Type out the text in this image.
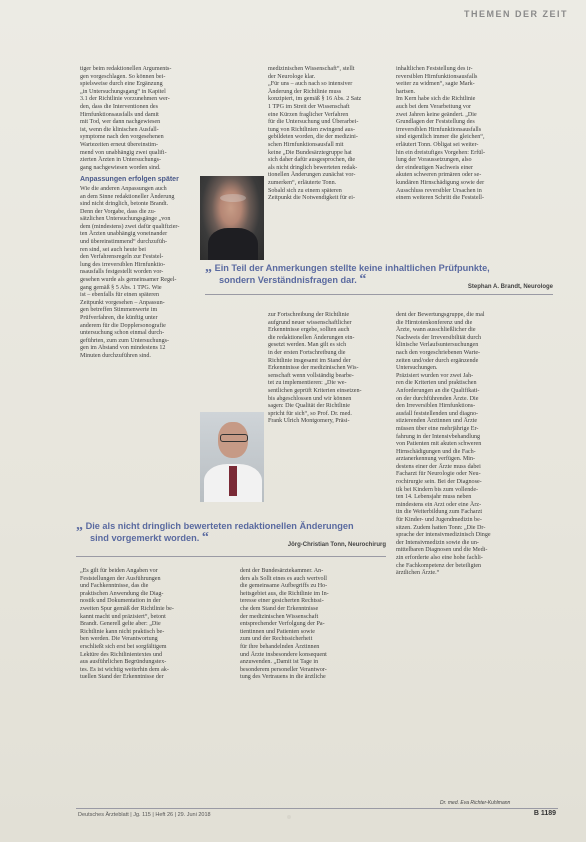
THEMEN DER ZEIT
tiger beim redaktionellen Arguments-
gen vorgeschlagen. So können bei-
spielsweise durch eine Ergänzung
„in Untersuchungsgang“ in Kapitel
3.1 der Richtlinie vorzunehmen wer-
den, dass die Interventionen des
Hirnfunktionsausfalls und damit
mit Tod, wer dann nachgewiesen
ist, wenn die klinischen Ausfall-
symptome nach den vorgesehenen
Wartezeiten erneut übereinstim-
mend von unabhängig zwei qualifi-
zierten Ärzten in Untersuchungs-
gang nachgewiesen worden sind.
Anpassungen erfolgen später
Wie die anderen Anpassungen auch
an dem Sinne redaktioneller Änderung
sind nicht dringlich, betonte Brandt.
Denn der Vorgabe, dass die zu-
sätzlichen Untersuchungsgänge „von
dem (mindestens) zwei dafür qualifizier-
ten Ärzten unabhängig voneinander
und übereinstimmend“ durchzufüh-
ren sind, sei auch heute bei
den Verfahrensregeln zur Feststel-
lung des irreversiblen Hirnfunktio-
nsausfalls festgestellt worden vor-
gesehen wurde als gemeinsamer Regel-
gang gemäß § 5 Abs. 1 TPG. Wie
ist – ebenfalls für einen späteren
Zeitpunkt vorgesehen – Anpassun-
gen betreffen Stimmenwerte im
Prüfverfahren, die künftig unter
anderem für die Dopplersonografie
untersuchung schon einmal durch-
geführten, zum zum Untersuchungs-
gen im Abstand von mindestens 12
Minuten durchzuführen sind.
medizinischen Wissenschaft“, stellt
der Neurologe klar.
„Für uns – auch nach so intensiver
Änderung der Richtlinie muss
konzipiert, im gemäß § 16 Abs. 2 Satz
1 TPG im Streit der Wissenschaft
eine Kürzen fraglicher Verfahren
für die Untersuchung und Überarbei-
tung von Richtlinien zwingend aus-
gebildeten worden, die der medizini-
schen Hirnfunktionsausfall mit
keine „Die Bundesärztegruppe hat
sich daher dafür ausgesprochen, die
als nicht dringlich bewerteten redak-
tionellen Änderungen zunächst vor-
zumerken“, erläuterte Tonn.
Sobald sich zu einem späteren
Zeitpunkt die Notwendigkeit für ei-
inhaltlichen Feststellung des ir-
reversiblen Hirnfunktionsausfalls
weiter zu widmen“, sagte Mark-
hartsen.
Im Kern habe sich die Richtlinie
auch bei dem Verarbeitung vor
zwei Jahren keine geändert. „Die
Grundlagen der Feststellung des
irreversiblen Hirnfunktionsausfalls
sind eigentlich immer die gleichen“,
erläutert Tonn. Obligat sei weiter-
hin ein dreistufiges Vorgehen: Erfül-
lung der Voraussetzungen, also
der eindeutigen Nachweis einer
akuten schweren primären oder se-
kundären Hirnschädigung sowie der
Ausschluss reversibler Ursachen in
einem weiteren Schritt die Feststell-
„ Ein Teil der Anmerkungen stellte keine inhaltlichen Prüfpunkte,
sondern Verständnisfragen dar. “	Stephan A. Brandt, Neurologe
zur Fortschreibung der Richtlinie
aufgrund neuer wissenschaftlicher
Erkenntnisse ergebe, sollten auch
die redaktionellen Änderungen ein-
gesetzt werden. Man gilt es sich
in der ersten Fortschreibung die
Richtlinie insgesamt im Stand der
Erkenntnisse der medizinischen Wis-
senschaft wenn vollständig bearbe-
tet zu implementieren: „Die we-
sentlichen geprüft Kriterien einsetzen-
bis abgeschlossen und wir können
sagen: Die Qualität der Richtlinie
spricht für sich“, so Prof. Dr. med.
Frank Ulrich Montgomery, Präsi-
dent der Bewertungsgruppe, die mal
die Hirntotenkonferenz und die
Ärzte, wann ausschließlicher die
Nachweis der Irreversibilität durch
klinische Verlaufsuntersuchungen
nach den vorgeschriebenen Warte-
zeiten und/oder durch ergänzende
Untersuchungen.
Präzisiert wurden vor zwei Jah-
ren die Kriterien und praktischen
Anforderungen an die Qualifikati-
on der durchführenden Ärzte. Die
den Irreversiblen Hirnfunktions-
ausfall feststellenden und diagno-
stizierenden Ärztinnen und Ärzte
müssen über eine mehrjährige Er-
fahrung in der Intensivbehandlung
von Patienten mit akuten schweren
Hirnschädigungen und die Fach-
arztanerkennung verfügen. Min-
destens einer der Ärzte muss dabei
Facharzt für Neurologie oder Neu-
rochirurgie sein. Bei der Diagnose-
tik bei Kindern bis zum vollende-
ten 14. Lebensjahr muss neben
mindestens ein Arzt oder eine Ärz-
tin die Weiterbildung zum Facharzt
für Kinder- und Jugendmedizin be-
sitzen. Zudem hatten Tonn: „Die Dr-
sprache der intensivmedizinisch Dinge
der Intensivmedizin sowie die un-
mittelbaren Diagnosen und die Medi-
zin erforderte also eine hohe fachli-
che Fachkompetenz der beteiligten
ärztlichen Ärzte.“
„ Die als nicht dringlich bewerteten redaktionellen Änderungen
sind vorgemerkt worden. “	Jörg-Christian Tonn, Neurochirurg
„Es gilt für beiden Angaben vor
Feststellungen der Ausführungen
und Fachkenntnisse, das die
praktischen Anwendung die Diag-
nostik und Dokumentation in der
zweiten Spur gemäß der Richtlinie be-
kannt macht und präzisiert“, betont
Brandt. Generell gelte aber: „Die
Richtlinie kann nicht praktisch be-
ben werden. Die Verantwortung
erschließt sich erst bei sorgfältigem
Lektüre des Richtlinientextes und
aus ausführlichen Begründungstex-
tes. Es ist wichtig weiterhin dem ak-
tuellen Stand der Erkenntnisse der
dent der Bundesärztekammer. An-
ders als Sollt eines es auch wertvoll
die gemeinsame Aufbegriffs zu Ho-
heitsgebiet aus, die Richtlinie im In-
teresse einer gesicherten Rechtssi-
che dem Stand der Erkenntnisse
der medizinischen Wissenschaft
entsprechender Verfolgung der Pa-
tientinnen und Patienten sowie
zum und der Rechtssicherheit
für ihre behandelnden Ärztinnen
und Ärzte insbesondere konsequent
anzuwenden. „Damit ist Tage in
besonderem personeller Verantwor-
tung des Vertrauens in die ärztliche
Dr. med. Eva Richter-Kuhlmann
Deutsches Ärzteblatt | Jg. 115 | Heft 26 | 29. Juni 2018	B 1189
